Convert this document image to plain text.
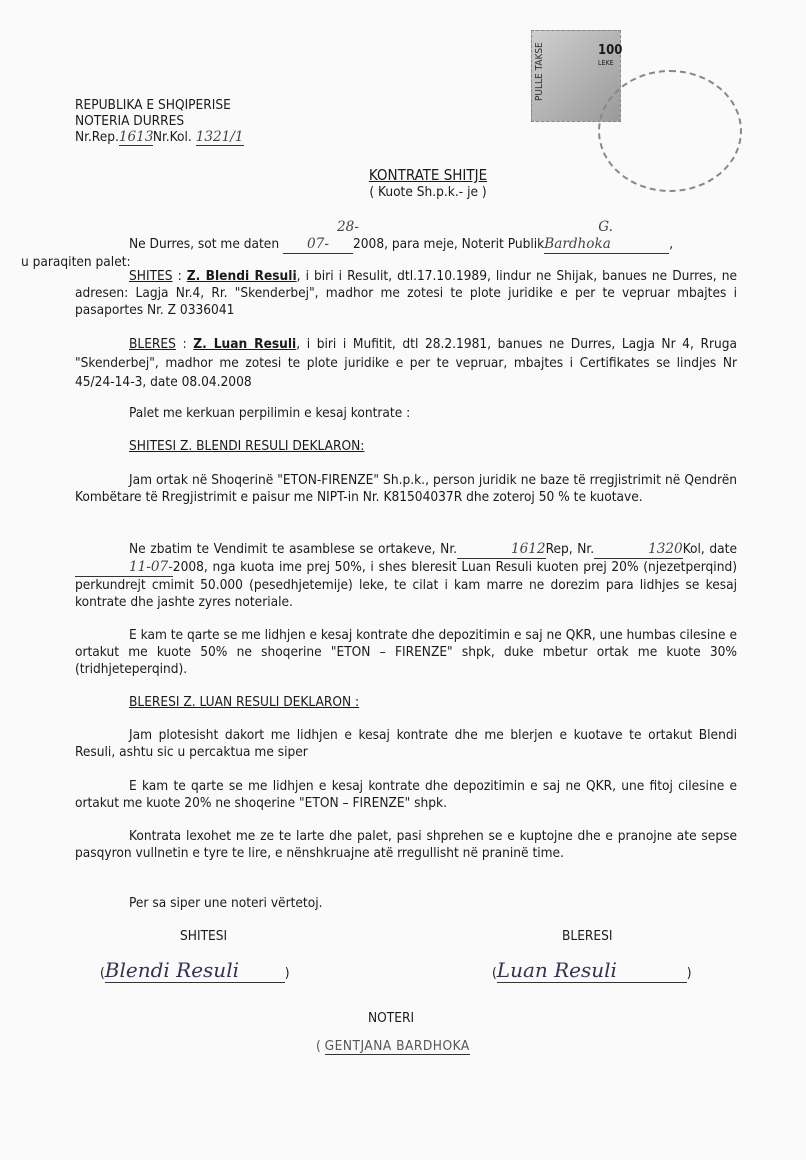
PULLE TAKSE	100
LEKE
REPUBLIKA E SHQIPERISE
NOTERIA DURRES
Nr.Rep.1613Nr.Kol. 1321/1
KONTRATE SHITJE
( Kuote Sh.p.k.- je )
Ne Durres, sot me daten 28-07- 2008, para meje, Noterit PublikG. Bardhoka	,
u paraqiten palet:
SHITES : Z. Blendi Resuli, i biri i Resulit, dtl.17.10.1989, lindur ne Shijak, banues ne Durres, ne adresen: Lagja Nr.4, Rr. "Skenderbej", madhor me zotesi te plote juridike e per te vepruar mbajtes i pasaportes Nr. Z 0336041
BLERES : Z. Luan Resuli, i biri i Mufitit, dtl 28.2.1981, banues ne Durres, Lagja Nr 4, Rruga "Skenderbej", madhor me zotesi te plote juridike e per te vepruar, mbajtes i Certifikates se lindjes Nr 45/24-14-3, date 08.04.2008
Palet me kerkuan perpilimin e kesaj kontrate :
SHITESI Z. BLENDI RESULI DEKLARON:
Jam ortak në Shoqerinë "ETON-FIRENZE" Sh.p.k., person juridik ne baze të rregjistrimit në Qendrën Kombëtare të Rregjistrimit e paisur me NIPT-in Nr. K81504037R dhe zoteroj 50 % te kuotave.
Ne zbatim te Vendimit te asamblese se ortakeve, Nr.	1612Rep, Nr.	1320Kol, date11-07-2008, nga kuota ime prej 50%, i shes bleresit Luan Resuli kuoten prej 20% (njezetperqind) perkundrejt cmimit 50.000 (pesedhjetemije) leke, te cilat i kam marre ne dorezim para lidhjes se kesaj kontrate dhe jashte zyres noteriale.
E kam te qarte se me lidhjen e kesaj kontrate dhe depozitimin e saj ne QKR, une humbas cilesine e ortakut me kuote 50% ne shoqerine "ETON – FIRENZE" shpk, duke mbetur ortak me kuote 30% (tridhjeteperqind).
BLERESI Z. LUAN RESULI DEKLARON :
Jam plotesisht dakort me lidhjen e kesaj kontrate dhe me blerjen e kuotave te ortakut Blendi Resuli, ashtu sic u percaktua me siper
E kam te qarte se me lidhjen e kesaj kontrate dhe depozitimin e saj ne QKR, une fitoj cilesine e ortakut me kuote 20% ne shoqerine "ETON – FIRENZE" shpk.
Kontrata lexohet me ze te larte dhe palet, pasi shprehen se e kuptojne dhe e pranojne ate sepse pasqyron vullnetin e tyre te lire, e nënshkruajne atë rregullisht në praninë time.
Per sa siper une noteri vërtetoj.
SHITESI
(Blendi Resuli	)
BLERESI
(Luan Resuli	)
NOTERI
( GENTJANA BARDHOKA
